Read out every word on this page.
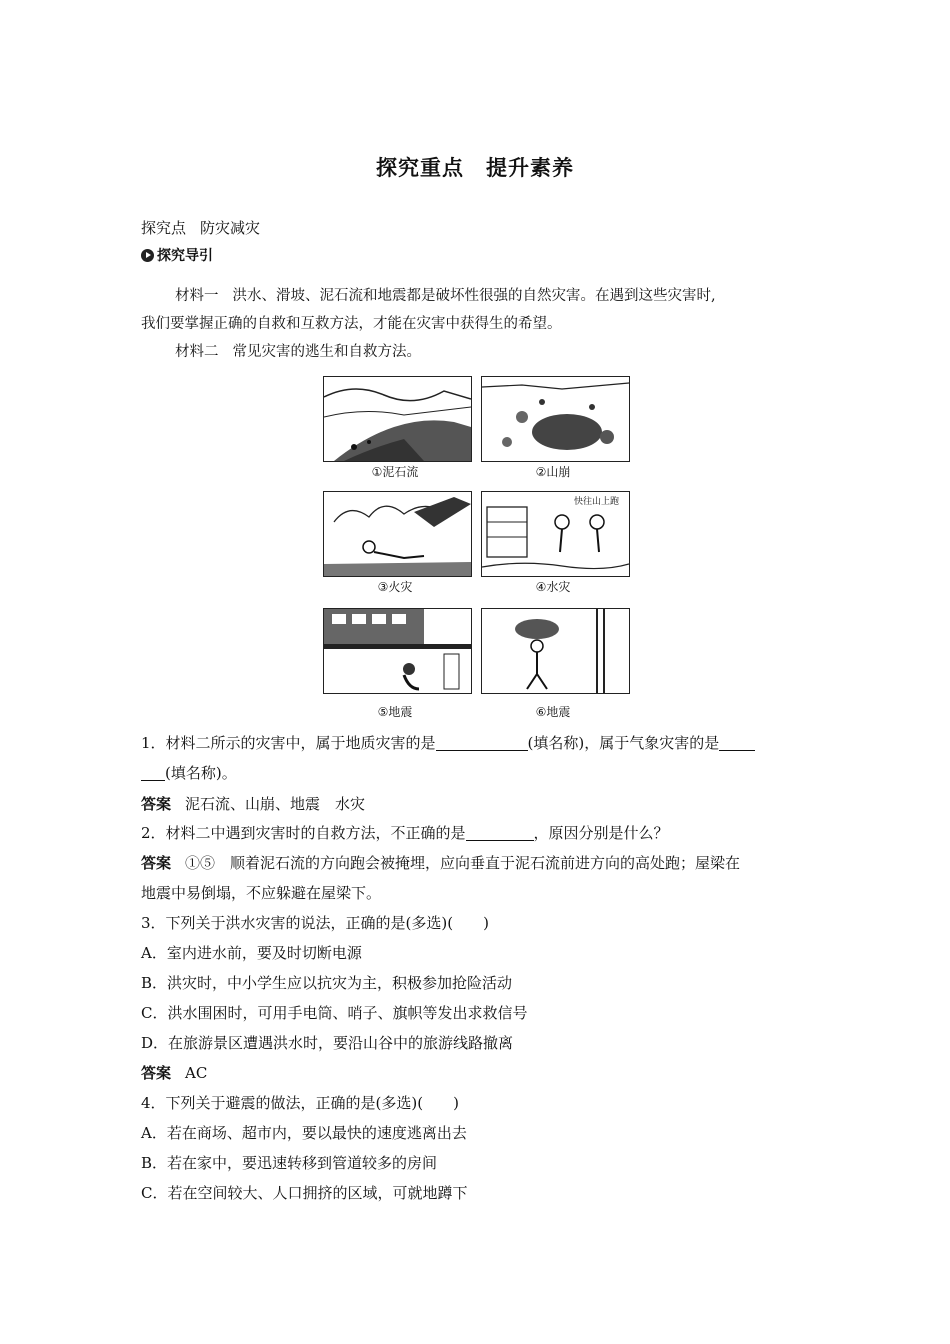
探究重点 提升素养
探究点 防灾减灾
探究导引
材料一 洪水、滑坡、泥石流和地震都是破坏性很强的自然灾害。在遇到这些灾害时,
我们要掌握正确的自救和互救方法，才能在灾害中获得生的希望。
材料二 常见灾害的逃生和自救方法。
①泥石流	②山崩
快往山上跑
③火灾	④水灾
⑤地震	⑥地震
1．材料二所示的灾害中，属于地质灾害的是	(填名称)，属于气象灾害的是
(填名称)。
答案 泥石流、山崩、地震　水灾
2．材料二中遇到灾害时的自救方法，不正确的是	，原因分别是什么？
答案 ①⑤　顺着泥石流的方向跑会被掩埋，应向垂直于泥石流前进方向的高处跑；屋梁在
地震中易倒塌，不应躲避在屋梁下。
3．下列关于洪水灾害的说法，正确的是(多选)(　　)
A．室内进水前，要及时切断电源
B．洪灾时，中小学生应以抗灾为主，积极参加抢险活动
C．洪水围困时，可用手电筒、哨子、旗帜等发出求救信号
D．在旅游景区遭遇洪水时，要沿山谷中的旅游线路撤离
答案 AC
4．下列关于避震的做法，正确的是(多选)(　　)
A．若在商场、超市内，要以最快的速度逃离出去
B．若在家中，要迅速转移到管道较多的房间
C．若在空间较大、人口拥挤的区域，可就地蹲下
